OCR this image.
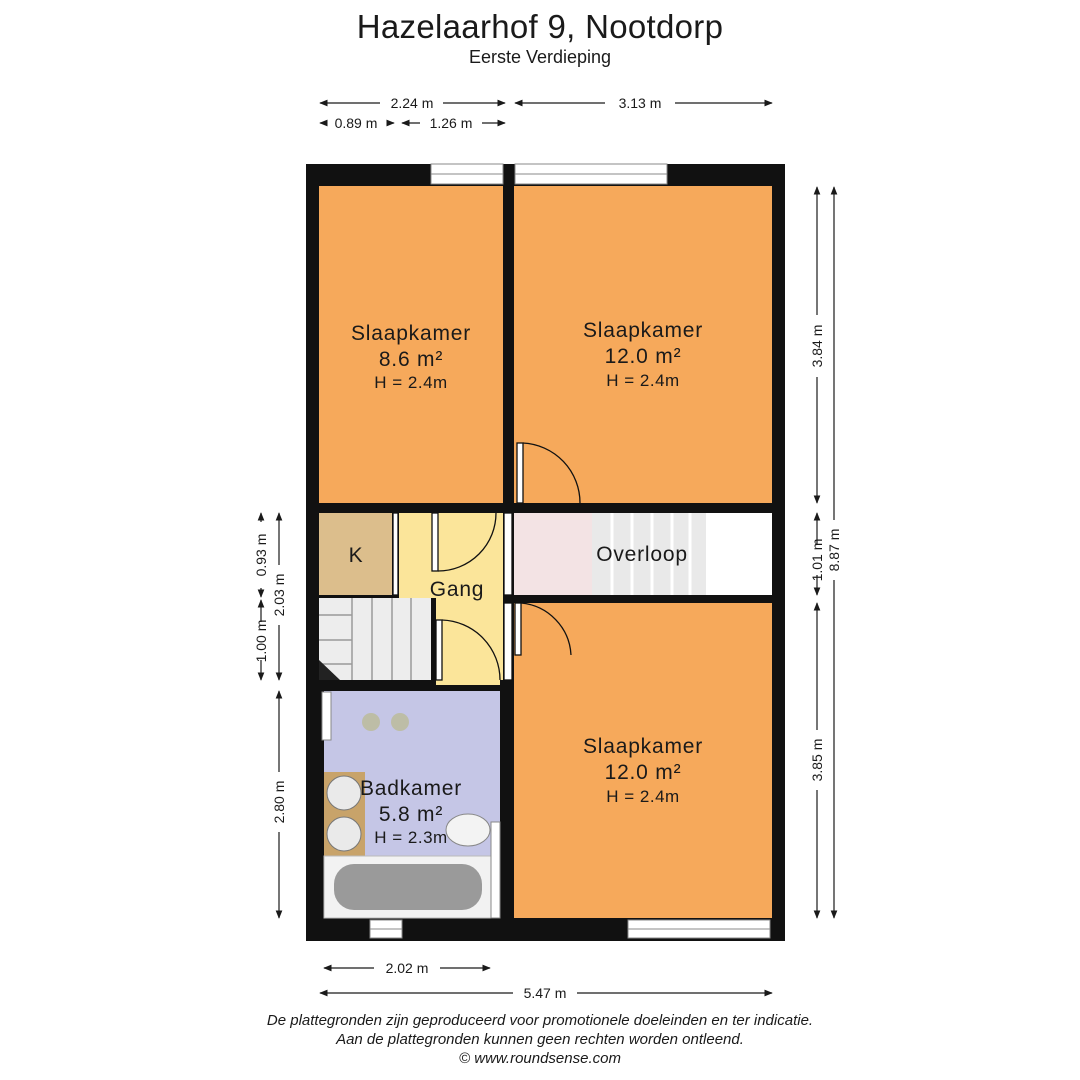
Hazelaarhof 9, Nootdorp
Eerste Verdieping
Slaapkamer
8.6 m²
H = 2.4m
Slaapkamer
12.0 m²
H = 2.4m
Slaapkamer
12.0 m²
H = 2.4m
Badkamer
5.8 m²
H = 2.3m
K
Gang
Overloop
2.24 m	3.13 m
0.89 m	1.26 m
3.84 m
1.01 m
3.85 m
8.87 m
0.93 m
1.00 m
2.03 m
2.80 m
2.02 m
5.47 m
De plattegronden zijn geproduceerd voor promotionele doeleinden en ter indicatie.
Aan de plattegronden kunnen geen rechten worden ontleend.
© www.roundsense.com
